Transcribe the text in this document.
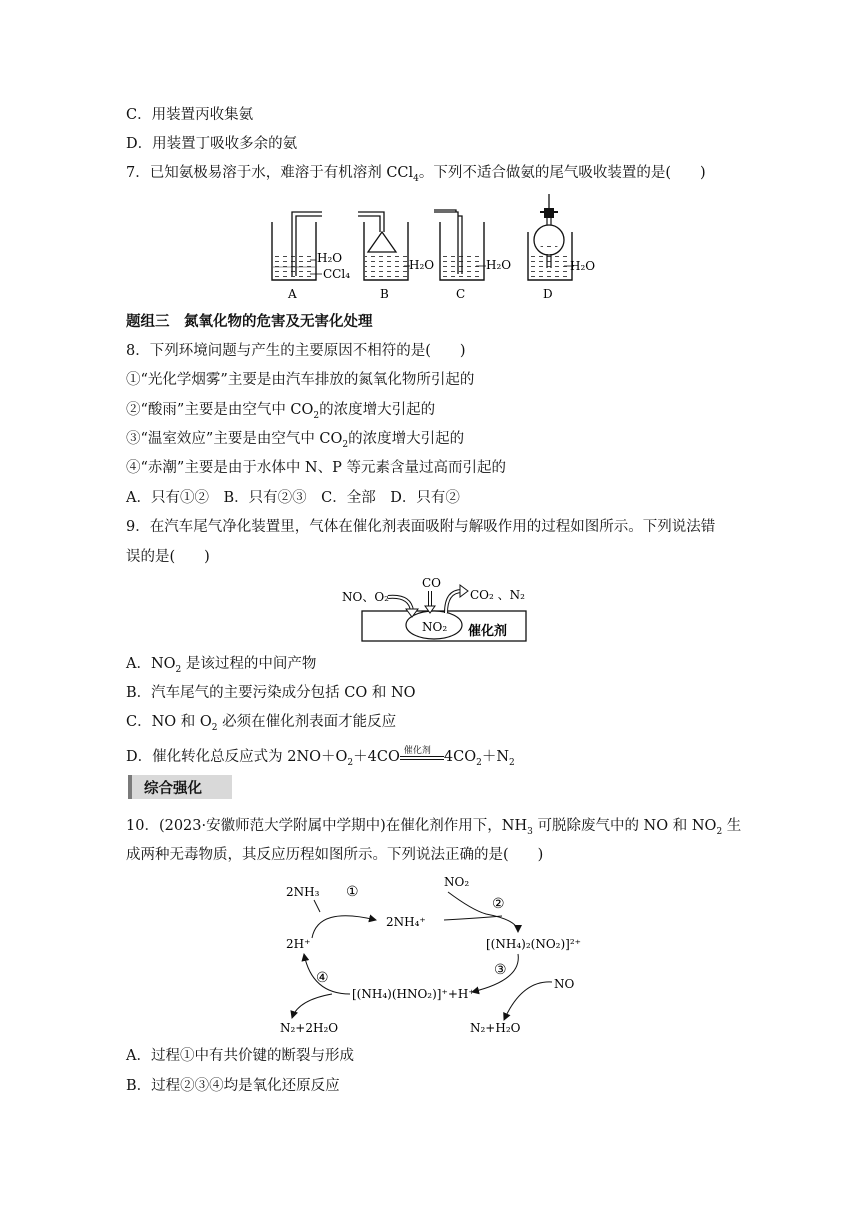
C．用装置丙收集氨
D．用装置丁吸收多余的氨
7．已知氨极易溶于水，难溶于有机溶剂 CCl$_4$。下列不适合做氨的尾气吸收装置的是(　　)
H₂O
CCl₄
A
H₂O
B
H₂O
C
H₂O
D
题组三　氮氧化物的危害及无害化处理
8．下列环境问题与产生的主要原因不相符的是(　　)
①“光化学烟雾”主要是由汽车排放的氮氧化物所引起的
②“酸雨”主要是由空气中 $CO_2$的浓度增大引起的
③“温室效应”主要是由空气中 $CO_2$的浓度增大引起的
④“赤潮”主要是由于水体中 N、P 等元素含量过高而引起的
A．只有①②　B．只有②③　C．全部　D．只有②
9．在汽车尾气净化装置里，气体在催化剂表面吸附与解吸作用的过程如图所示。下列说法错
误的是(　　)
NO、O₂
CO
CO₂ 、N₂
NO₂ 催化剂
A．$NO_2$ 是该过程的中间产物
B．汽车尾气的主要污染成分包括 CO 和 NO
C．NO 和 $O_2$ 必须在催化剂表面才能反应
D．催化转化总反应式为 $2NO+O_2+4CO$ 催化剂 $4CO_2+N_2$
综合强化
10．(2023·安徽师范大学附属中学期中)在催化剂作用下，$NH_3$ 可脱除废气中的 NO 和 $NO_2$ 生
成两种无毒物质，其反应历程如图所示。下列说法正确的是(　　)
2NH₃ ①
2NH₄⁺
NO₂
②
2H⁺	[(NH₄)₂(NO₂)]²⁺
③
④
[(NH₄)(HNO₂)]⁺+H⁺
NO
N₂+2H₂O	N₂+H₂O
A．过程①中有共价键的断裂与形成
B．过程②③④均是氧化还原反应
